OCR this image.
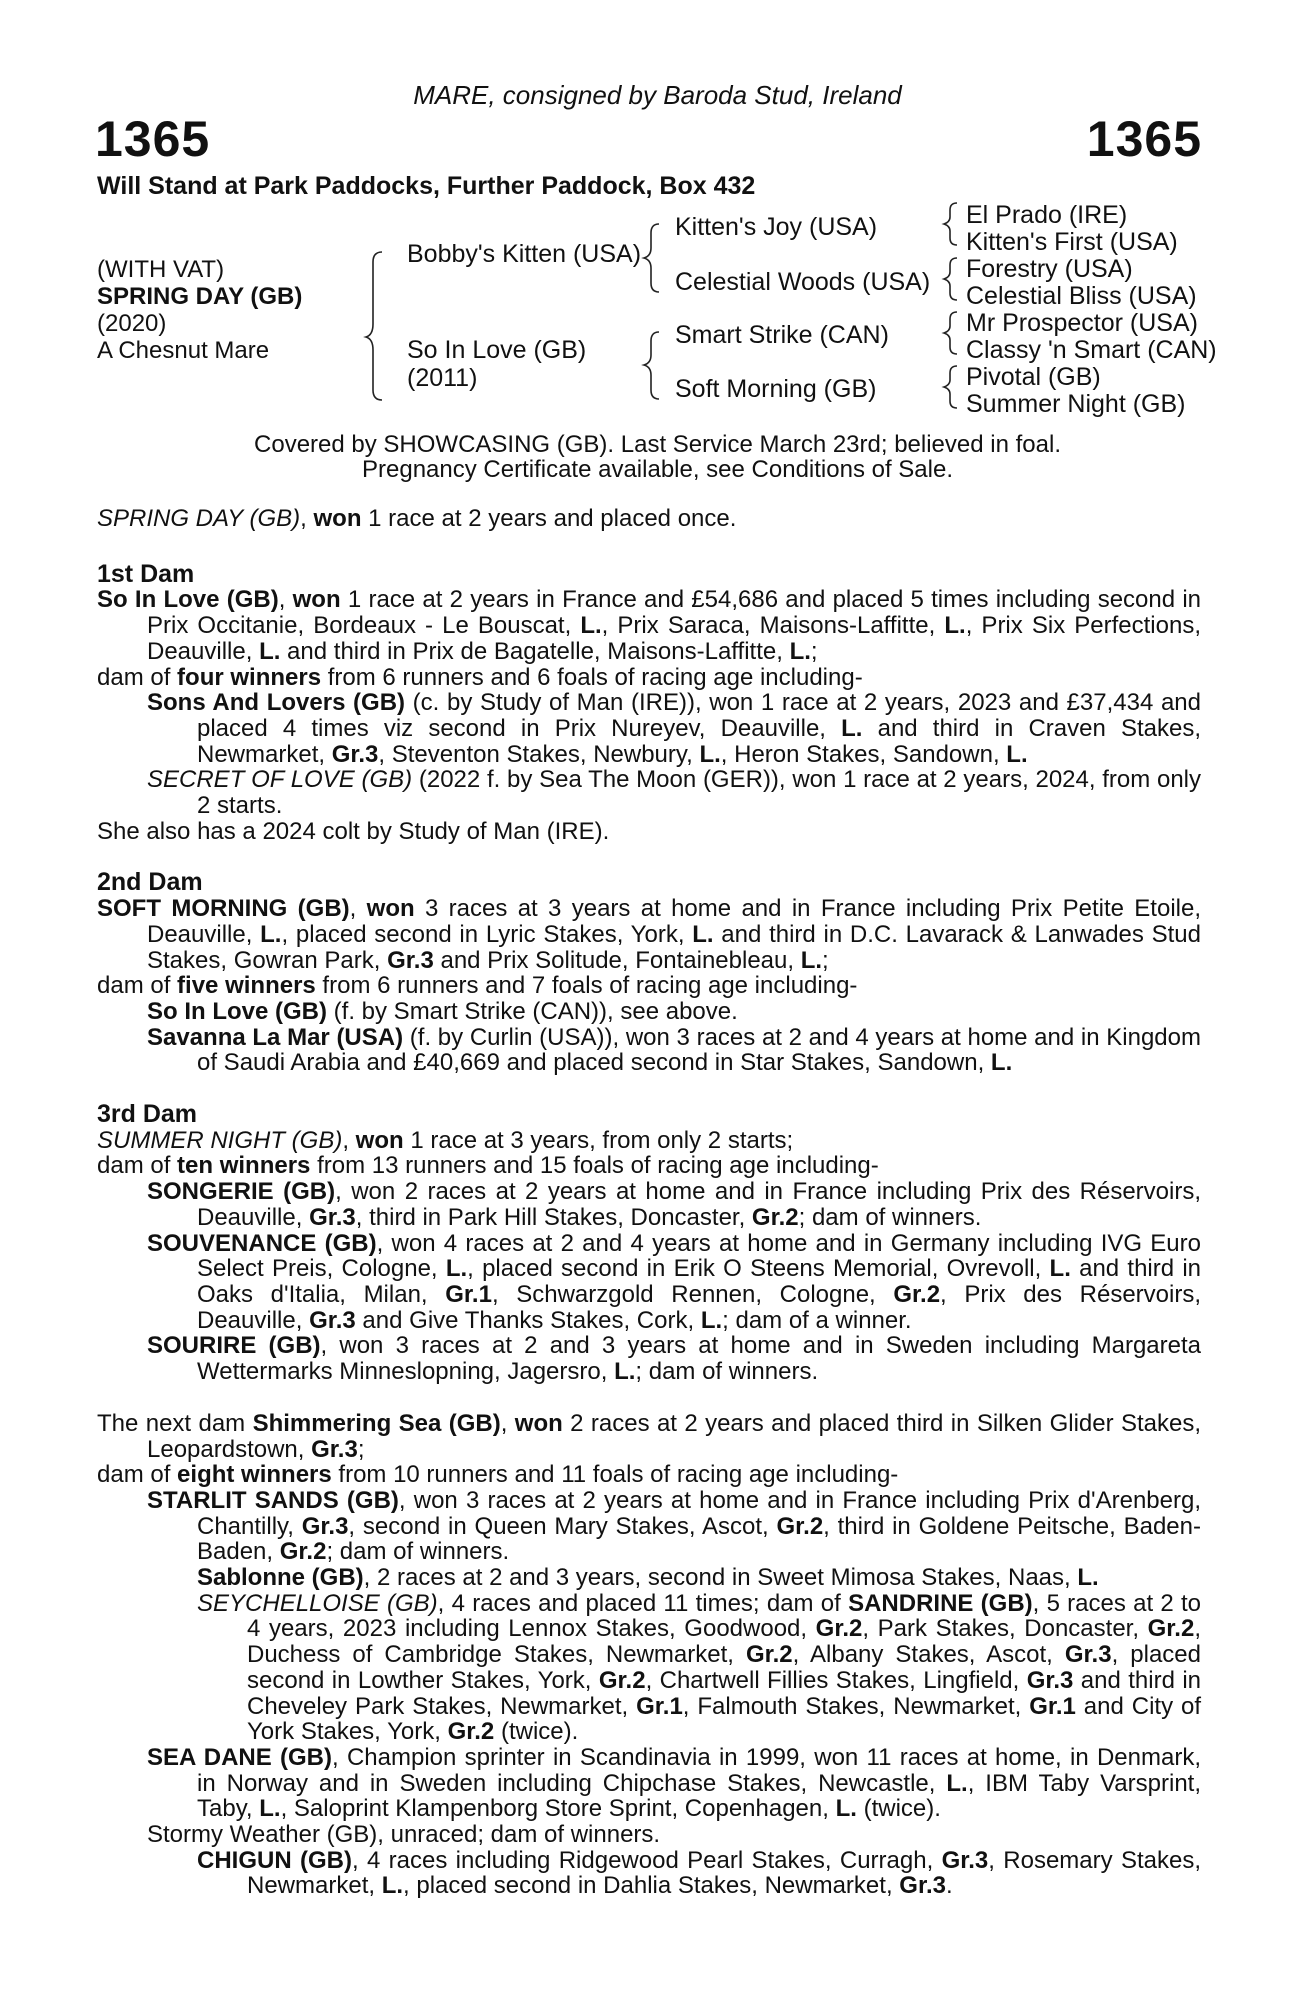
MARE, consigned by Baroda Stud, Ireland
1365	1365
Will Stand at Park Paddocks, Further Paddock, Box 432
(WITH VAT)
SPRING DAY (GB)
(2020)
A Chesnut Mare
Bobby's Kitten (USA)
So In Love (GB)
(2011)
Kitten's Joy (USA)
Celestial Woods (USA)
Smart Strike (CAN)
Soft Morning (GB)
El Prado (IRE)
Kitten's First (USA)
Forestry (USA)
Celestial Bliss (USA)
Mr Prospector (USA)
Classy 'n Smart (CAN)
Pivotal (GB)
Summer Night (GB)
Covered by SHOWCASING (GB). Last Service March 23rd; believed in foal.
Pregnancy Certificate available, see Conditions of Sale.

SPRING DAY (GB), won 1 race at 2 years and placed once.

1st Dam

So In Love (GB), won 1 race at 2 years in France and £54,686 and placed 5 times including second in Prix Occitanie, Bordeaux - Le Bouscat, L., Prix Saraca, Maisons-Laffitte, L., Prix Six Perfections, Deauville, L. and third in Prix de Bagatelle, Maisons-Laffitte, L.;

dam of four winners from 6 runners and 6 foals of racing age including-

Sons And Lovers (GB) (c. by Study of Man (IRE)), won 1 race at 2 years, 2023 and £37,434 and placed 4 times viz second in Prix Nureyev, Deauville, L. and third in Craven Stakes, Newmarket, Gr.3, Steventon Stakes, Newbury, L., Heron Stakes, Sandown, L.

SECRET OF LOVE (GB) (2022 f. by Sea The Moon (GER)), won 1 race at 2 years, 2024, from only 2 starts.

She also has a 2024 colt by Study of Man (IRE).

2nd Dam

SOFT MORNING (GB), won 3 races at 3 years at home and in France including Prix Petite Etoile, Deauville, L., placed second in Lyric Stakes, York, L. and third in D.C. Lavarack & Lanwades Stud Stakes, Gowran Park, Gr.3 and Prix Solitude, Fontainebleau, L.;

dam of five winners from 6 runners and 7 foals of racing age including-

So In Love (GB) (f. by Smart Strike (CAN)), see above.

Savanna La Mar (USA) (f. by Curlin (USA)), won 3 races at 2 and 4 years at home and in Kingdom of Saudi Arabia and £40,669 and placed second in Star Stakes, Sandown, L.

3rd Dam

SUMMER NIGHT (GB), won 1 race at 3 years, from only 2 starts;

dam of ten winners from 13 runners and 15 foals of racing age including-

SONGERIE (GB), won 2 races at 2 years at home and in France including Prix des Réservoirs, Deauville, Gr.3, third in Park Hill Stakes, Doncaster, Gr.2; dam of winners.

SOUVENANCE (GB), won 4 races at 2 and 4 years at home and in Germany including IVG Euro Select Preis, Cologne, L., placed second in Erik O Steens Memorial, Ovrevoll, L. and third in Oaks d'Italia, Milan, Gr.1, Schwarzgold Rennen, Cologne, Gr.2, Prix des Réservoirs, Deauville, Gr.3 and Give Thanks Stakes, Cork, L.; dam of a winner.

SOURIRE (GB), won 3 races at 2 and 3 years at home and in Sweden including Margareta Wettermarks Minneslopning, Jagersro, L.; dam of winners.

The next dam Shimmering Sea (GB), won 2 races at 2 years and placed third in Silken Glider Stakes, Leopardstown, Gr.3;

dam of eight winners from 10 runners and 11 foals of racing age including-

STARLIT SANDS (GB), won 3 races at 2 years at home and in France including Prix d'Arenberg, Chantilly, Gr.3, second in Queen Mary Stakes, Ascot, Gr.2, third in Goldene Peitsche, Baden-Baden, Gr.2; dam of winners.

Sablonne (GB), 2 races at 2 and 3 years, second in Sweet Mimosa Stakes, Naas, L.

SEYCHELLOISE (GB), 4 races and placed 11 times; dam of SANDRINE (GB), 5 races at 2 to 4 years, 2023 including Lennox Stakes, Goodwood, Gr.2, Park Stakes, Doncaster, Gr.2, Duchess of Cambridge Stakes, Newmarket, Gr.2, Albany Stakes, Ascot, Gr.3, placed second in Lowther Stakes, York, Gr.2, Chartwell Fillies Stakes, Lingfield, Gr.3 and third in Cheveley Park Stakes, Newmarket, Gr.1, Falmouth Stakes, Newmarket, Gr.1 and City of York Stakes, York, Gr.2 (twice).

SEA DANE (GB), Champion sprinter in Scandinavia in 1999, won 11 races at home, in Denmark, in Norway and in Sweden including Chipchase Stakes, Newcastle, L., IBM Taby Varsprint, Taby, L., Saloprint Klampenborg Store Sprint, Copenhagen, L. (twice).

Stormy Weather (GB), unraced; dam of winners.

CHIGUN (GB), 4 races including Ridgewood Pearl Stakes, Curragh, Gr.3, Rosemary Stakes, Newmarket, L., placed second in Dahlia Stakes, Newmarket, Gr.3.
